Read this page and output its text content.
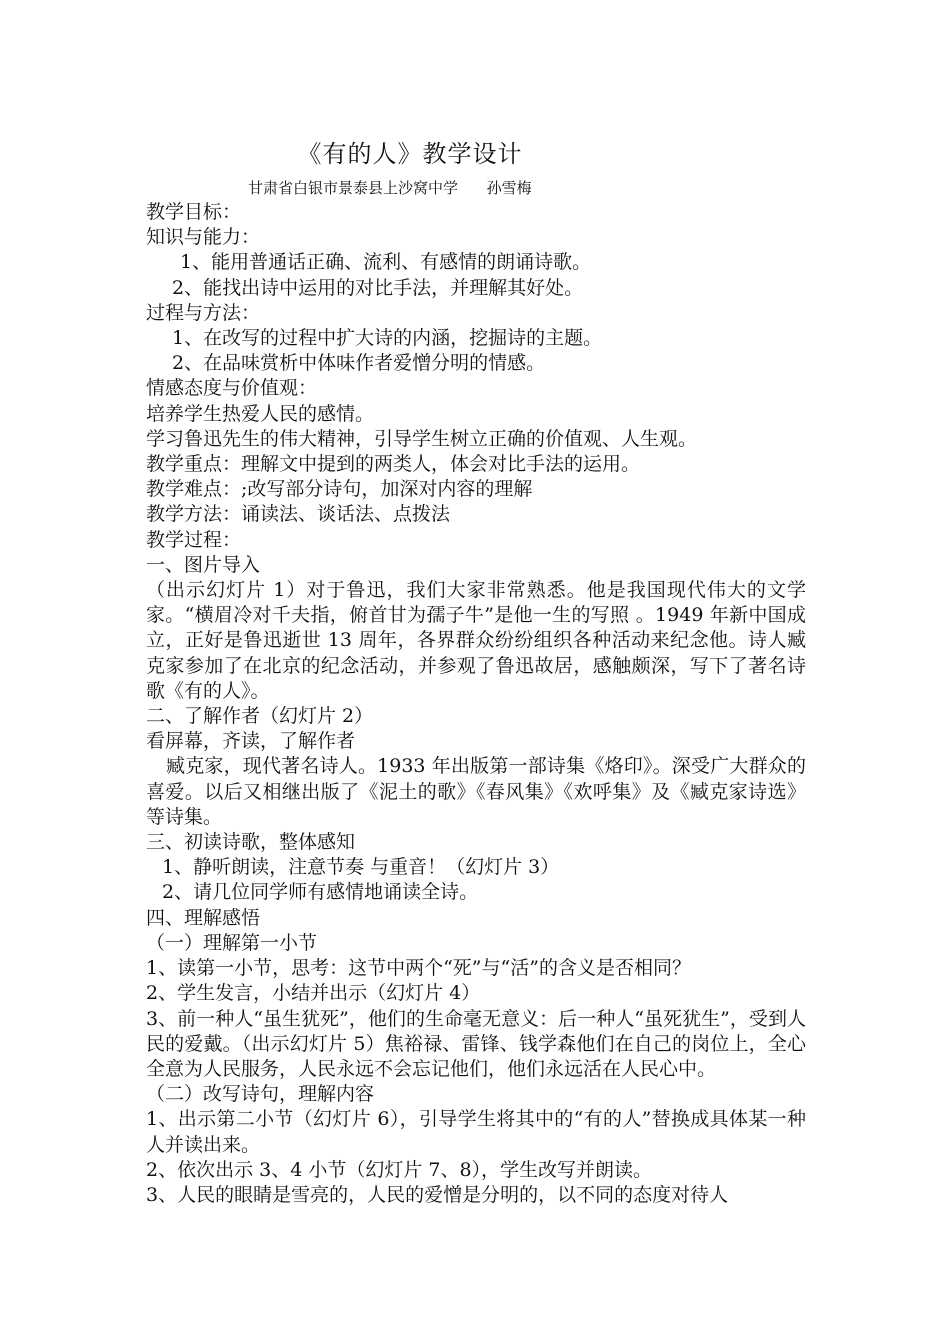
《有的人》教学设计
甘肃省白银市景泰县上沙窝中学      孙雪梅

教学目标：

知识与能力：

1、能用普通话正确、流利、有感情的朗诵诗歌。

2、能找出诗中运用的对比手法，并理解其好处。

过程与方法：

1、在改写的过程中扩大诗的内涵，挖掘诗的主题。

2、在品味赏析中体味作者爱憎分明的情感。

情感态度与价值观：

培养学生热爱人民的感情。

学习鲁迅先生的伟大精神，引导学生树立正确的价值观、人生观。

教学重点：理解文中提到的两类人，体会对比手法的运用。

教学难点：;改写部分诗句，加深对内容的理解

教学方法：诵读法、谈话法、点拨法

教学过程：

一、图片导入

（出示幻灯片 1）对于鲁迅，我们大家非常熟悉。他是我国现代伟大的文学家。“横眉冷对千夫指，俯首甘为孺子牛”是他一生的写照 。1949 年新中国成立，正好是鲁迅逝世 13 周年，各界群众纷纷组织各种活动来纪念他。诗人臧克家参加了在北京的纪念活动，并参观了鲁迅故居，感触颇深，写下了著名诗歌《有的人》。

二、了解作者（幻灯片 2）

看屏幕，齐读，了解作者

臧克家，现代著名诗人。1933 年出版第一部诗集《烙印》。深受广大群众的喜爱。以后又相继出版了《泥土的歌》《春风集》《欢呼集》及《臧克家诗选》等诗集。

三、初读诗歌，整体感知

1、静听朗读，注意节奏 与重音！（幻灯片 3）

2、请几位同学师有感情地诵读全诗。

四、理解感悟

（一）理解第一小节

1、读第一小节，思考：这节中两个“死”与“活”的含义是否相同？

2、学生发言，小结并出示（幻灯片 4）

3、前一种人“虽生犹死”，他们的生命毫无意义：后一种人“虽死犹生”，受到人民的爱戴。（出示幻灯片 5）焦裕禄、雷锋、钱学森他们在自己的岗位上，全心全意为人民服务，人民永远不会忘记他们，他们永远活在人民心中。

（二）改写诗句，理解内容

1、出示第二小节（幻灯片 6），引导学生将其中的“有的人”替换成具体某一种人并读出来。

2、依次出示 3、4 小节（幻灯片 7、8），学生改写并朗读。

3、人民的眼睛是雪亮的，人民的爱憎是分明的，以不同的态度对待人
